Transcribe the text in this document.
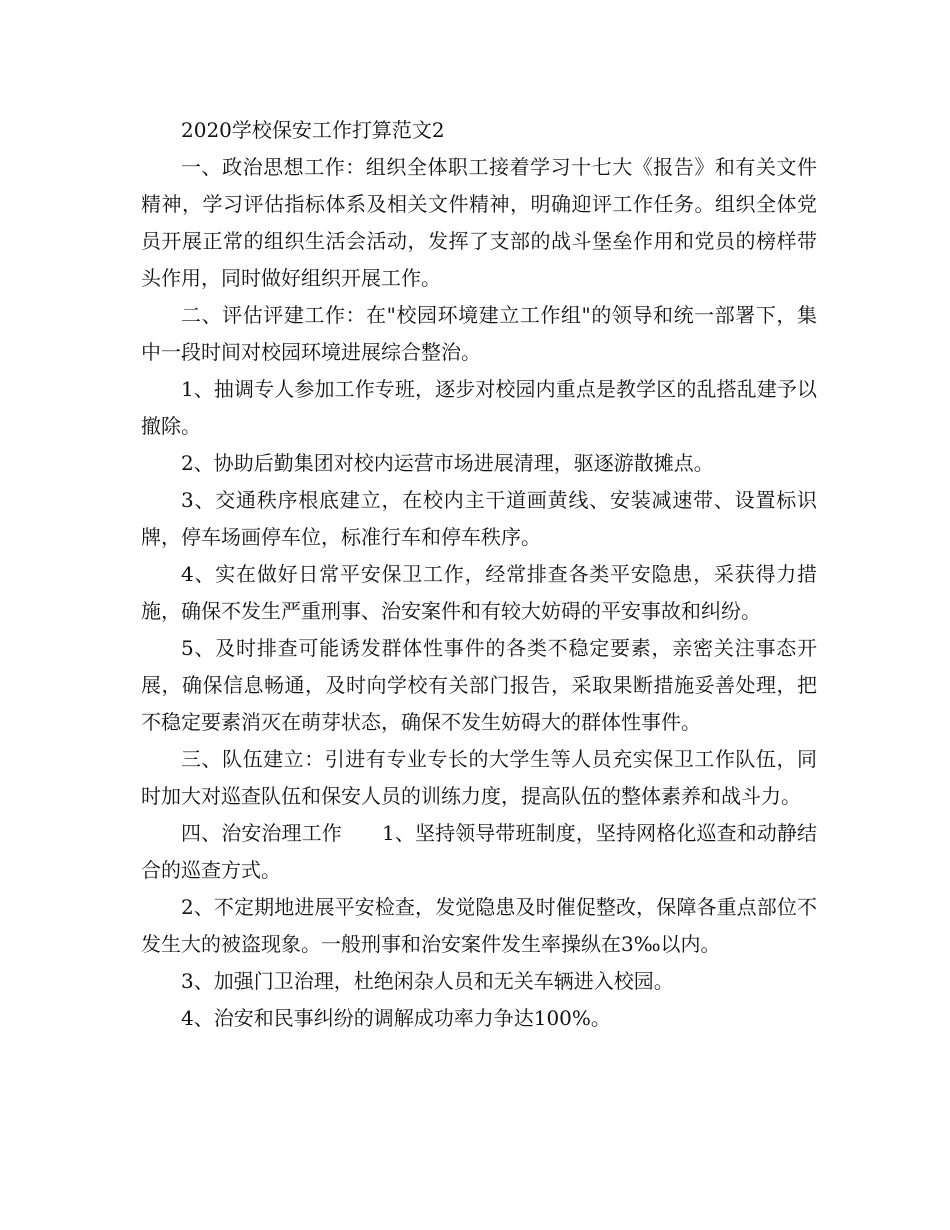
2020学校保安工作打算范文2

一、政治思想工作：组织全体职工接着学习十七大《报告》和有关文件精神，学习评估指标体系及相关文件精神，明确迎评工作任务。组织全体党员开展正常的组织生活会活动，发挥了支部的战斗堡垒作用和党员的榜样带头作用，同时做好组织开展工作。

二、评估评建工作：在"校园环境建立工作组"的领导和统一部署下，集中一段时间对校园环境进展综合整治。

1、抽调专人参加工作专班，逐步对校园内重点是教学区的乱搭乱建予以撤除。

2、协助后勤集团对校内运营市场进展清理，驱逐游散摊点。

3、交通秩序根底建立，在校内主干道画黄线、安装减速带、设置标识牌，停车场画停车位，标准行车和停车秩序。

4、实在做好日常平安保卫工作，经常排查各类平安隐患，采获得力措施，确保不发生严重刑事、治安案件和有较大妨碍的平安事故和纠纷。

5、及时排查可能诱发群体性事件的各类不稳定要素，亲密关注事态开展，确保信息畅通，及时向学校有关部门报告，采取果断措施妥善处理，把不稳定要素消灭在萌芽状态，确保不发生妨碍大的群体性事件。

三、队伍建立：引进有专业专长的大学生等人员充实保卫工作队伍，同时加大对巡查队伍和保安人员的训练力度，提高队伍的整体素养和战斗力。

四、治安治理工作　　1、坚持领导带班制度，坚持网格化巡查和动静结合的巡查方式。

2、不定期地进展平安检查，发觉隐患及时催促整改，保障各重点部位不发生大的被盗现象。一般刑事和治安案件发生率操纵在3‰以内。

3、加强门卫治理，杜绝闲杂人员和无关车辆进入校园。

4、治安和民事纠纷的调解成功率力争达100%。
